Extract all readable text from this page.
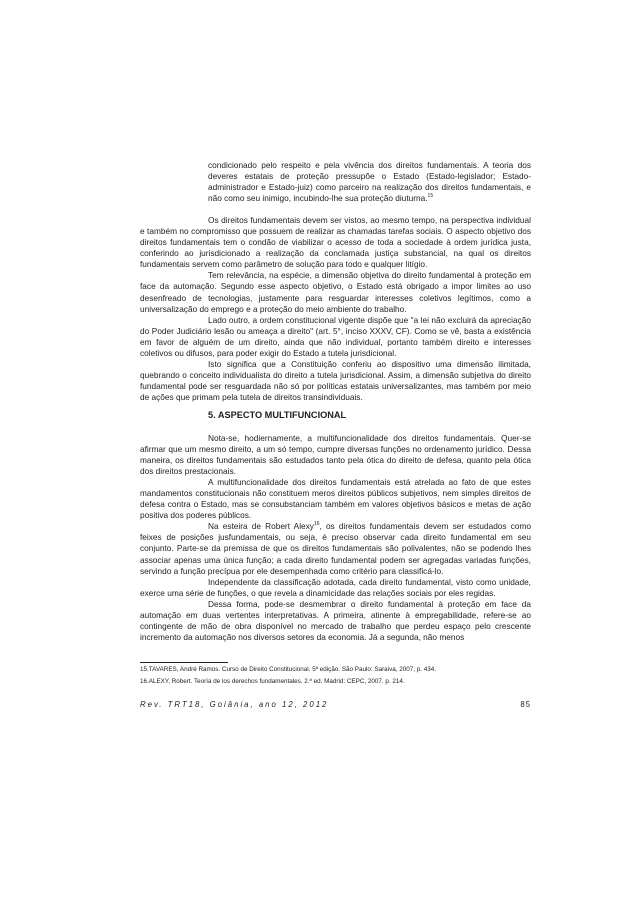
condicionado pelo respeito e pela vivência dos direitos fundamentais. A teoria dos deveres estatais de proteção pressupõe o Estado (Estado-legislador; Estado-administrador e Estado-juiz) como parceiro na realização dos direitos fundamentais, e não como seu inimigo, incubindo-lhe sua proteção diuturna.$^{15}$

Os direitos fundamentais devem ser vistos, ao mesmo tempo, na perspectiva individual e também no compromisso que possuem de realizar as chamadas tarefas sociais. O aspecto objetivo dos direitos fundamentais tem o condão de viabilizar o acesso de toda a sociedade à ordem jurídica justa, conferindo ao jurisdicionado a realização da conclamada justiça substancial, na qual os direitos fundamentais servem como parâmetro de solução para todo e qualquer litígio.

Tem relevância, na espécie, a dimensão objetiva do direito fundamental à proteção em face da automação. Segundo esse aspecto objetivo, o Estado está obrigado a impor limites ao uso desenfreado de tecnologias, justamente para resguardar interesses coletivos legítimos, como a universalização do emprego e a proteção do meio ambiente do trabalho.

Lado outro, a ordem constitucional vigente dispõe que "a lei não excluirá da apreciação do Poder Judiciário lesão ou ameaça a direito" (art. 5°, inciso XXXV, CF). Como se vê, basta a existência em favor de alguém de um direito, ainda que não individual, portanto também direito e interesses coletivos ou difusos, para poder exigir do Estado a tutela jurisdicional.

Isto significa que a Constituição conferiu ao dispositivo uma dimensão ilimitada, quebrando o conceito individualista do direito a tutela jurisdicional. Assim, a dimensão subjetiva do direito fundamental pode ser resguardada não só por políticas estatais universalizantes, mas também por meio de ações que primam pela tutela de direitos transindividuais.

5. ASPECTO MULTIFUNCIONAL

Nota-se, hodiernamente, a multifuncionalidade dos direitos fundamentais. Quer-se afirmar que um mesmo direito, a um só tempo, cumpre diversas funções no ordenamento jurídico. Dessa maneira, os direitos fundamentais são estudados tanto pela ótica do direito de defesa, quanto pela ótica dos direitos prestacionais.

A multifuncionalidade dos direitos fundamentais está atrelada ao fato de que estes mandamentos constitucionais não constituem meros direitos públicos subjetivos, nem simples direitos de defesa contra o Estado, mas se consubstanciam também em valores objetivos básicos e metas de ação positiva dos poderes públicos.

Na esteira de Robert Alexy$^{16}$, os direitos fundamentais devem ser estudados como feixes de posições jusfundamentais, ou seja, é preciso observar cada direito fundamental em seu conjunto. Parte-se da premissa de que os direitos fundamentais são polivalentes, não se podendo lhes associar apenas uma única função; a cada direito fundamental podem ser agregadas variadas funções, servindo a função precípua por ele desempenhada como critério para classificá-lo.

Independente da classificação adotada, cada direito fundamental, visto como unidade, exerce uma série de funções, o que revela a dinamicidade das relações sociais por eles regidas.

Dessa forma, pode-se desmembrar o direito fundamental à proteção em face da automação em duas vertentes interpretativas. A primeira, atinente à empregabilidade, refere-se ao contingente de mão de obra disponível no mercado de trabalho que perdeu espaço pelo crescente incremento da automação nos diversos setores da economia. Já a segunda, não menos

15.TAVARES, André Ramos. Curso de Direito Constitucional. 5ª edição. São Paulo: Saraiva, 2007, p. 434.

16.ALEXY, Robert. Teoría de los derechos fundamentales. 2.ª ed. Madrid: CEPC, 2007. p. 214.

Rev. TRT18, Goiânia, ano 12, 2012	85
